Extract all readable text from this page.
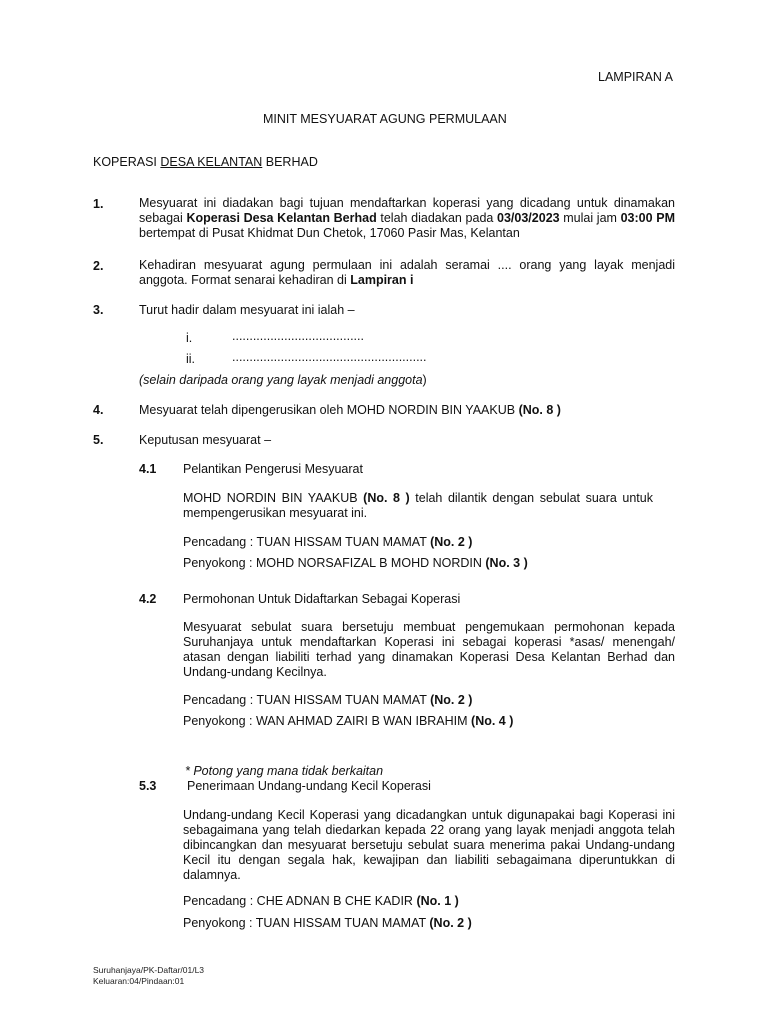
LAMPIRAN A
MINIT MESYUARAT AGUNG PERMULAAN
KOPERASI DESA KELANTAN BERHAD
1.	Mesyuarat ini diadakan bagi tujuan mendaftarkan koperasi yang dicadang untuk dinamakan sebagai Koperasi Desa Kelantan Berhad telah diadakan pada 03/03/2023 mulai jam 03:00 PM bertempat di Pusat Khidmat Dun Chetok, 17060 Pasir Mas, Kelantan
2.	Kehadiran mesyuarat agung permulaan ini adalah seramai .... orang yang layak menjadi anggota. Format senarai kehadiran di Lampiran i
3.	Turut hadir dalam mesyuarat ini ialah –
i.	......................................
ii.	........................................................
(selain daripada orang yang layak menjadi anggota)
4.	Mesyuarat telah dipengerusikan oleh MOHD NORDIN BIN YAAKUB (No. 8 )
5.	Keputusan mesyuarat –
4.1 Pelantikan Pengerusi Mesyuarat
MOHD NORDIN BIN YAAKUB (No. 8 ) telah dilantik dengan sebulat suara untuk mempengerusikan mesyuarat ini.
Pencadang : TUAN HISSAM TUAN MAMAT (No. 2 )
Penyokong : MOHD NORSAFIZAL B MOHD NORDIN (No. 3 )
4.2 Permohonan Untuk Didaftarkan Sebagai Koperasi
Mesyuarat sebulat suara bersetuju membuat pengemukaan permohonan kepada Suruhanjaya untuk mendaftarkan Koperasi ini sebagai koperasi *asas/ menengah/ atasan dengan liabiliti terhad yang dinamakan Koperasi Desa Kelantan Berhad dan Undang-undang Kecilnya.
Pencadang : TUAN HISSAM TUAN MAMAT (No. 2 )
Penyokong : WAN AHMAD ZAIRI B WAN IBRAHIM (No. 4 )
* Potong yang mana tidak berkaitan
5.3 Penerimaan Undang-undang Kecil Koperasi
Undang-undang Kecil Koperasi yang dicadangkan untuk digunapakai bagi Koperasi ini sebagaimana yang telah diedarkan kepada 22 orang yang layak menjadi anggota telah dibincangkan dan mesyuarat bersetuju sebulat suara menerima pakai Undang-undang Kecil itu dengan segala hak, kewajipan dan liabiliti sebagaimana diperuntukkan di dalamnya.
Pencadang : CHE ADNAN B CHE KADIR (No. 1 )
Penyokong : TUAN HISSAM TUAN MAMAT (No. 2 )
Suruhanjaya/PK-Daftar/01/L3
Keluaran:04/Pindaan:01
